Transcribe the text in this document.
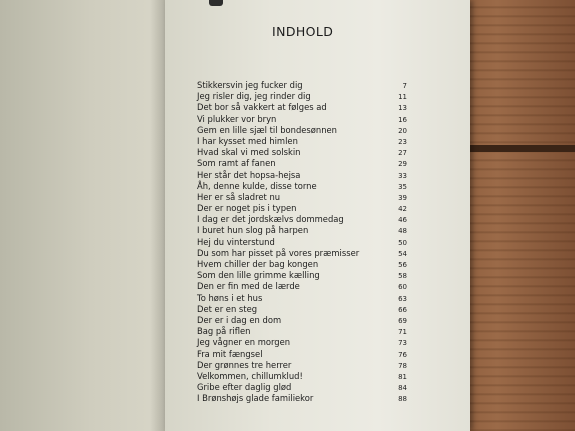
INDHOLD
Stikkersvin jeg fucker dig	7
Jeg risler dig, jeg rinder dig	11
Det bor så vakkert at følges ad	13
Vi plukker vor bryn	16
Gem en lille sjæl til bondesønnen	20
I har kysset med himlen	23
Hvad skal vi med solskin	27
Som ramt af fanen	29
Her står det hopsa-hejsa	33
Åh, denne kulde, disse torne	35
Her er så sladret nu	39
Der er noget pis i typen	42
I dag er det jordskælvs dommedag	46
I buret hun slog på harpen	48
Hej du vinterstund	50
Du som har pisset på vores præmisser	54
Hvem chiller der bag kongen	56
Som den lille grimme kælling	58
Den er fin med de lærde	60
To høns i et hus	63
Det er en steg	66
Der er i dag en dom	69
Bag på riflen	71
Jeg vågner en morgen	73
Fra mit fængsel	76
Der grønnes tre herrer	78
Velkommen, chillumklud!	81
Gribe efter daglig glød	84
I Brønshøjs glade familiekor	88
